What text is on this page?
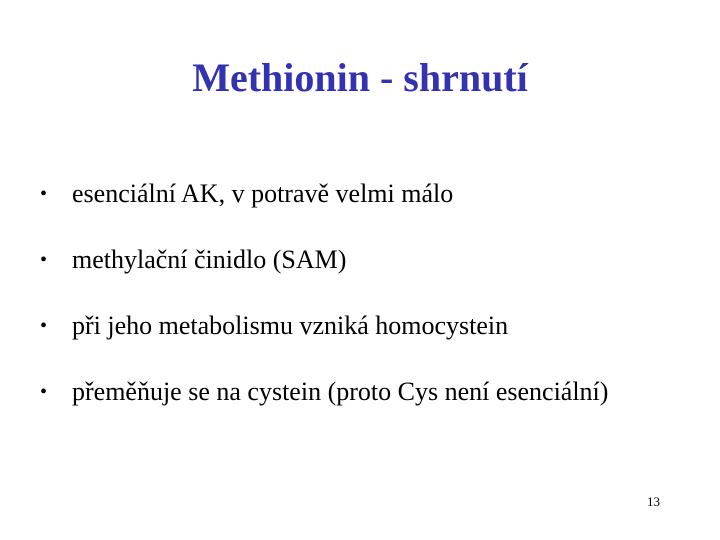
Methionin - shrnutí
• esenciální AK, v potravě velmi málo
• methylační činidlo (SAM)
• při jeho metabolismu vzniká homocystein
• přeměňuje se na cystein (proto Cys není esenciální)
13
